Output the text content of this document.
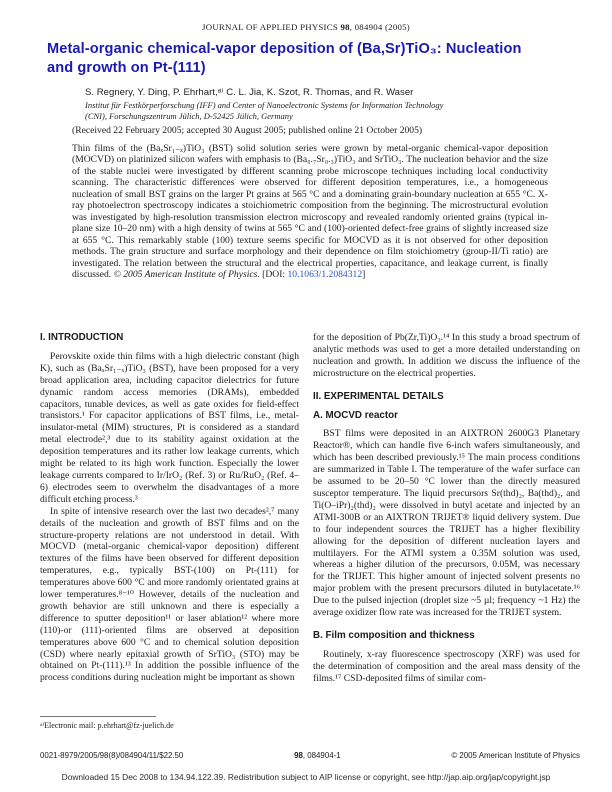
JOURNAL OF APPLIED PHYSICS 98, 084904 (2005)
Metal-organic chemical-vapor deposition of (Ba,Sr)TiO₃: Nucleation
and growth on Pt-(111)
S. Regnery, Y. Ding, P. Ehrhart,ᵃ⁾ C. L. Jia, K. Szot, R. Thomas, and R. Waser
Institut für Festkörperforschung (IFF) and Center of Nanoelectronic Systems for Information Technology
(CNI), Forschungszentrum Jülich, D-52425 Jülich, Germany
(Received 22 February 2005; accepted 30 August 2005; published online 21 October 2005)
Thin films of the (BaₓSr₁₋ₓ)TiO₃ (BST) solid solution series were grown by metal-organic chemical-vapor deposition (MOCVD) on platinized silicon wafers with emphasis to (Ba₀.₇Sr₀.₃)TiO₃ and SrTiO₃. The nucleation behavior and the size of the stable nuclei were investigated by different scanning probe microscope techniques including local conductivity scanning. The characteristic differences were observed for different deposition temperatures, i.e., a homogeneous nucleation of small BST grains on the larger Pt grains at 565 °C and a dominating grain-boundary nucleation at 655 °C. X-ray photoelectron spectroscopy indicates a stoichiometric composition from the beginning. The microstructural evolution was investigated by high-resolution transmission electron microscopy and revealed randomly oriented grains (typical in-plane size 10–20 nm) with a high density of twins at 565 °C and (100)-oriented defect-free grains of slightly increased size at 655 °C. This remarkably stable (100) texture seems specific for MOCVD as it is not observed for other deposition methods. The grain structure and surface morphology and their dependence on film stoichiometry (group-II/Ti ratio) are investigated. The relation between the structural and the electrical properties, capacitance, and leakage current, is finally discussed. © 2005 American Institute of Physics. [DOI: 10.1063/1.2084312]
I. INTRODUCTION

Perovskite oxide thin films with a high dielectric constant (high K), such as (BaₓSr₁₋ₓ)TiO₃ (BST), have been proposed for a very broad application area, including capacitor dielectrics for future dynamic random access memories (DRAMs), embedded capacitors, tunable devices, as well as gate oxides for field-effect transistors.¹ For capacitor applications of BST films, i.e., metal-insulator-metal (MIM) structures, Pt is considered as a standard metal electrode²,³ due to its stability against oxidation at the deposition temperatures and its rather low leakage currents, which might be related to its high work function. Especially the lower leakage currents compared to Ir/IrO₂ (Ref. 3) or Ru/RuO₂ (Ref. 4–6) electrodes seem to overwhelm the disadvantages of a more difficult etching process.³

In spite of intensive research over the last two decades²,⁷ many details of the nucleation and growth of BST films and on the structure-property relations are not understood in detail. With MOCVD (metal-organic chemical-vapor deposition) different textures of the films have been observed for different deposition temperatures, e.g., typically BST-(100) on Pt-(111) for temperatures above 600 °C and more randomly orientated grains at lower temperatures.⁸⁻¹⁰ However, details of the nucleation and growth behavior are still unknown and there is especially a difference to sputter deposition¹¹ or laser ablation¹² where more (110)-or (111)-oriented films are observed at deposition temperatures above 600 °C and to chemical solution deposition (CSD) where nearly epitaxial growth of SrTiO₃ (STO) may be obtained on Pt-(111).¹³ In addition the possible influence of the process conditions during nucleation might be important as shown

for the deposition of Pb(Zr,Ti)O₃.¹⁴ In this study a broad spectrum of analytic methods was used to get a more detailed understanding on nucleation and growth. In addition we discuss the influence of the microstructure on the electrical properties.

II. EXPERIMENTAL DETAILS
A. MOCVD reactor

BST films were deposited in an AIXTRON 2600G3 Planetary Reactor®, which can handle five 6-inch wafers simultaneously, and which has been described previously.¹⁵ The main process conditions are summarized in Table I. The temperature of the wafer surface can be assumed to be 20–50 °C lower than the directly measured susceptor temperature. The liquid precursors Sr(thd)₂, Ba(thd)₂, and Ti(O–iPr)₂(thd)₂ were dissolved in butyl acetate and injected by an ATMI-300B or an AIXTRON TRIJET® liquid delivery system. Due to four independent sources the TRIJET has a higher flexibility allowing for the deposition of different nucleation layers and multilayers. For the ATMI system a 0.35M solution was used, whereas a higher dilution of the precursors, 0.05M, was necessary for the TRIJET. This higher amount of injected solvent presents no major problem with the present precursors diluted in butylacetate.¹⁶ Due to the pulsed injection (droplet size ~5 µl; frequency ~1 Hz) the average oxidizer flow rate was increased for the TRIJET system.

B. Film composition and thickness

Routinely, x-ray fluorescence spectroscopy (XRF) was used for the determination of composition and the areal mass density of the films.¹⁷ CSD-deposited films of similar com-

ᵃ⁾Electronic mail: p.ehrhart@fz-juelich.de
0021-8979/2005/98(8)/084904/11/$22.50	98, 084904-1	© 2005 American Institute of Physics
Downloaded 15 Dec 2008 to 134.94.122.39. Redistribution subject to AIP license or copyright, see http://jap.aip.org/jap/copyright.jsp
